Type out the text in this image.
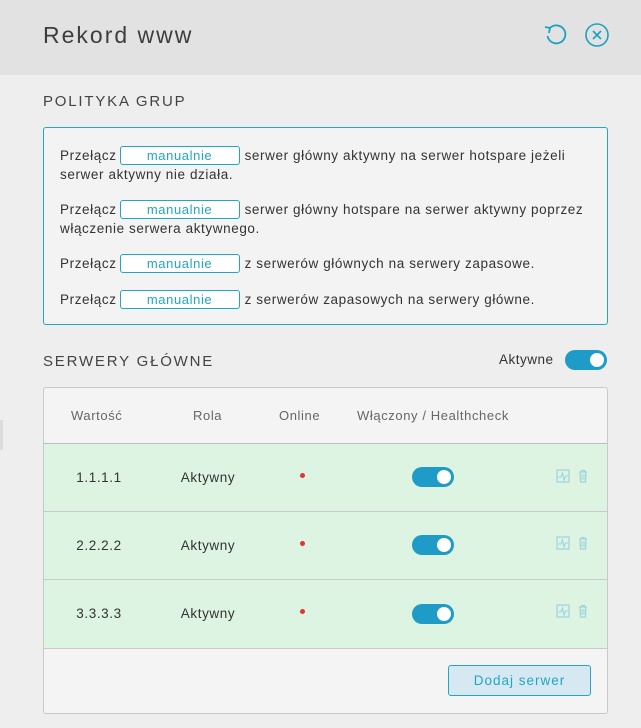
Rekord www
POLITYKA GRUP
Przełącz manualnie serwer główny aktywny na serwer hotspare jeżeli serwer aktywny nie działa.
Przełącz manualnie serwer główny hotspare na serwer aktywny poprzez włączenie serwera aktywnego.
Przełącz manualnie z serwerów głównych na serwery zapasowe.
Przełącz manualnie z serwerów zapasowych na serwery główne.
SERWERY GŁÓWNE	Aktywne
Wartość	Rola	Online	Włączony / Healthcheck
1.1.1.1	Aktywny
2.2.2.2	Aktywny
3.3.3.3	Aktywny
Dodaj serwer
